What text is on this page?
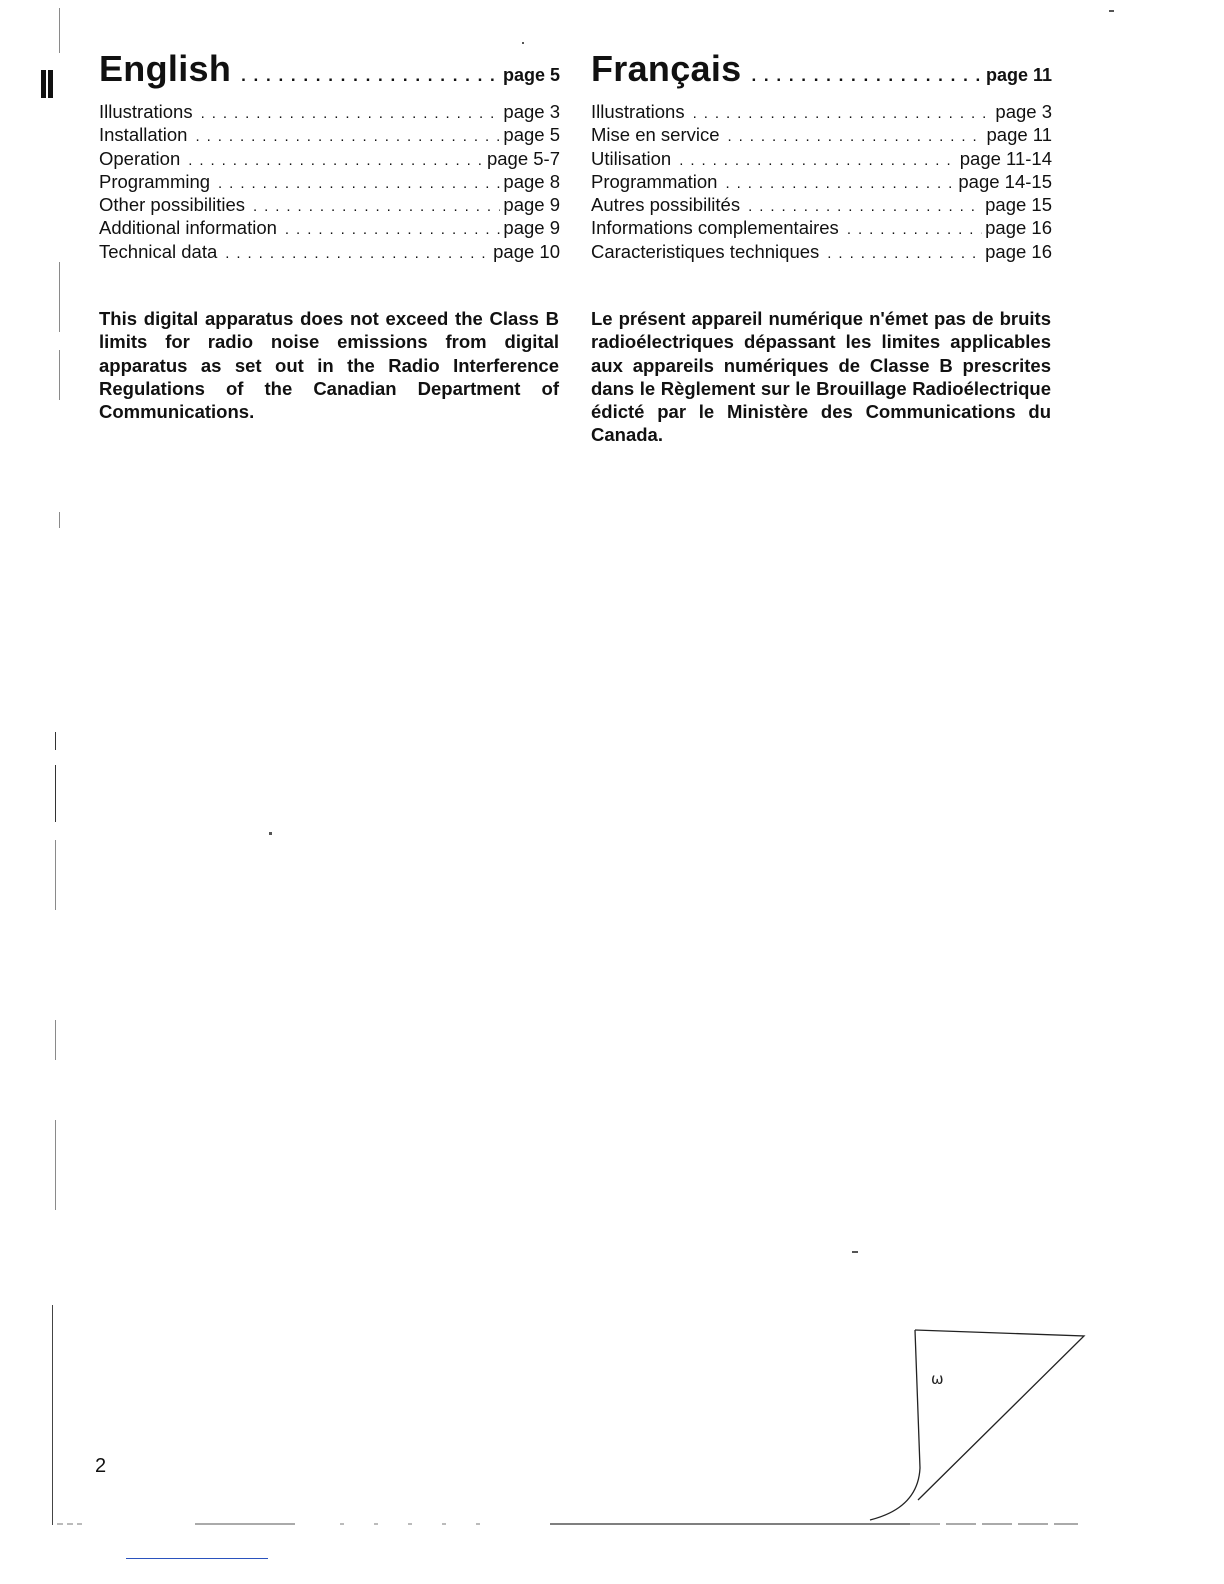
English . . .	page 5
Illustrations . . .	page 3
Installation . . .	page 5
Operation . . .	page 5-7
Programming . . .	page 8
Other possibilities . . .	page 9
Additional information . . .	page 9
Technical data . . .	page 10
Français . . .	page 11
Illustrations . . .	page 3
Mise en service . . .	page 11
Utilisation . . .	page 11-14
Programmation . . .	page 14-15
Autres possibilités . . .	page 15
Informations complementaires . . .	page 16
Caracteristiques techniques . . .	page 16

This digital apparatus does not exceed the Class B limits for radio noise emissions from digital apparatus as set out in the Radio Interference Regulations of the Canadian Department of Communications.

Le présent appareil numérique n'émet pas de bruits radioélectriques dépassant les limites applicables aux appareils numériques de Classe B prescrites dans le Règlement sur le Brouillage Radioélectrique édicté par le Ministère des Communications du Canada.

2
ω
